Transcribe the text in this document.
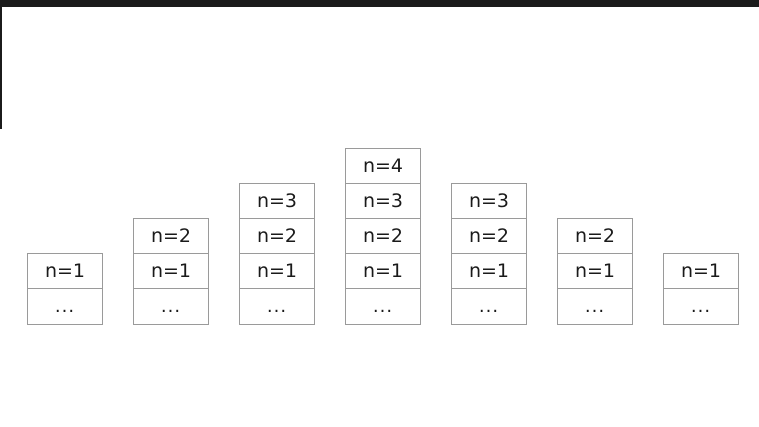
n=1
...
n=2
n=1
...
n=3
n=2
n=1
...
n=4
n=3
n=2
n=1
...
n=3
n=2
n=1
...
n=2
n=1
...
n=1
...
